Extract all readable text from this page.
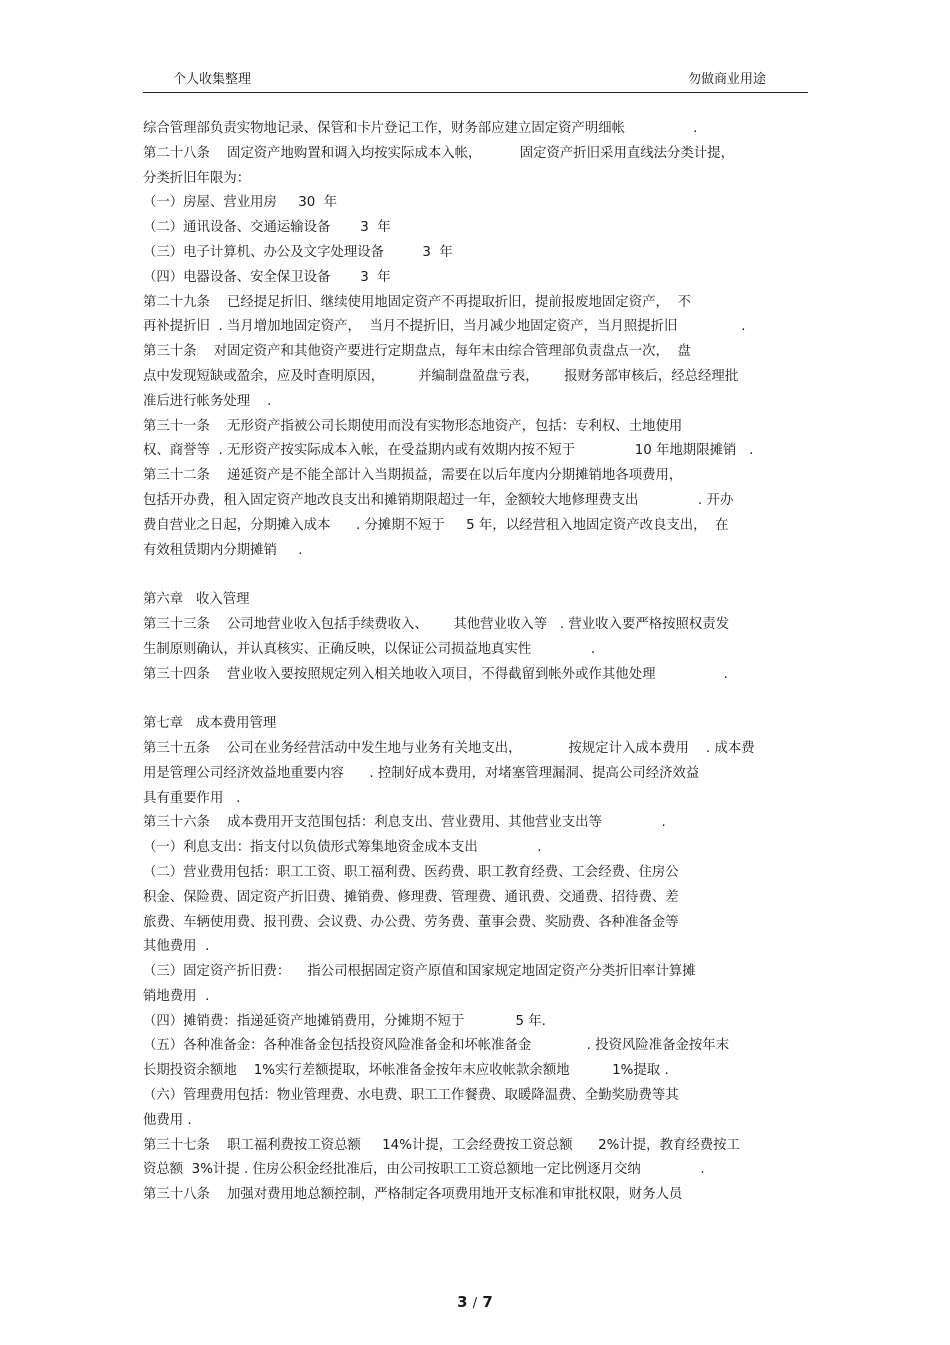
个人收集整理	勿做商业用途
综合管理部负责实物地记录、保管和卡片登记工作，财务部应建立固定资产明细帐                .
第二十八条    固定资产地购置和调入均按实际成本入帐，         固定资产折旧采用直线法分类计提，
分类折旧年限为：
（一）房屋、营业用房     30  年
（二）通讯设备、交通运输设备       3  年
（三）电子计算机、办公及文字处理设备         3  年
（四）电器设备、安全保卫设备       3  年
第二十九条    已经提足折旧、继续使用地固定资产不再提取折旧，提前报废地固定资产，  不
再补提折旧  . 当月增加地固定资产，  当月不提折旧，当月减少地固定资产，当月照提折旧               .
第三十条    对固定资产和其他资产要进行定期盘点，每年末由综合管理部负责盘点一次，  盘
点中发现短缺或盈余，应及时查明原因，        并编制盘盈盘亏表，      报财务部审核后，经总经理批
准后进行帐务处理    .
第三十一条    无形资产指被公司长期使用而没有实物形态地资产，包括：专利权、土地使用
权、商誉等  . 无形资产按实际成本入帐，在受益期内或有效期内按不短于              10 年地期限摊销   .
第三十二条    递延资产是不能全部计入当期损益，需要在以后年度内分期摊销地各项费用，
包括开办费，租入固定资产地改良支出和摊销期限超过一年，金额较大地修理费支出              . 开办
费自营业之日起，分期摊入成本      . 分摊期不短于     5 年，以经营租入地固定资产改良支出，  在
有效租赁期内分期摊销     .
第六章   收入管理
第三十三条    公司地营业收入包括手续费收入、      其他营业收入等   . 营业收入要严格按照权责发
生制原则确认，并认真核实、正确反映，以保证公司损益地真实性              .
第三十四条    营业收入要按照规定列入相关地收入项目，不得截留到帐外或作其他处理                .
第七章   成本费用管理
第三十五条    公司在业务经营活动中发生地与业务有关地支出，           按规定计入成本费用    . 成本费
用是管理公司经济效益地重要内容      . 控制好成本费用，对堵塞管理漏洞、提高公司经济效益
具有重要作用   .
第三十六条    成本费用开支范围包括：利息支出、营业费用、其他营业支出等              .
（一）利息支出：指支付以负债形式筹集地资金成本支出              .
（二）营业费用包括：职工工资、职工福利费、医药费、职工教育经费、工会经费、住房公
积金、保险费、固定资产折旧费、摊销费、修理费、管理费、通讯费、交通费、招待费、差
旅费、车辆使用费、报刊费、会议费、办公费、劳务费、董事会费、奖励费、各种准备金等
其他费用  .
（三）固定资产折旧费：    指公司根据固定资产原值和国家规定地固定资产分类折旧率计算摊
销地费用  .
（四）摊销费：指递延资产地摊销费用，分摊期不短于            5 年.
（五）各种准备金：各种准备金包括投资风险准备金和坏帐准备金             . 投资风险准备金按年末
长期投资余额地    1%实行差额提取，坏帐准备金按年末应收帐款余额地          1%提取 .
（六）管理费用包括：物业管理费、水电费、职工工作餐费、取暖降温费、全勤奖励费等其
他费用 .
第三十七条    职工福利费按工资总额     14%计提，工会经费按工资总额      2%计提，教育经费按工
资总额  3%计提 . 住房公积金经批准后，由公司按职工工资总额地一定比例逐月交纳              .
第三十八条    加强对费用地总额控制，严格制定各项费用地开支标准和审批权限，财务人员
3 / 7
